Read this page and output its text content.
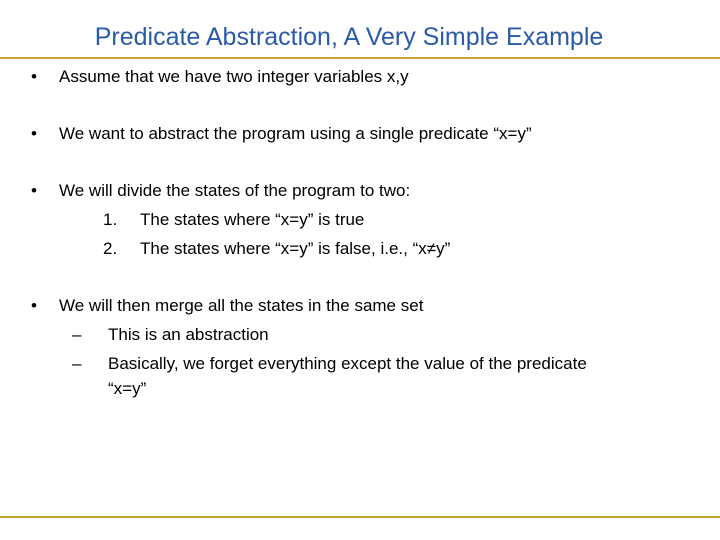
Predicate Abstraction, A Very Simple Example
• Assume that we have two integer variables x,y
• We want to abstract the program using a single predicate “x=y”
• We will divide the states of the program to two:
1. The states where “x=y” is true
2. The states where “x=y” is false, i.e., “x≠y”
• We will then merge all the states in the same set
– This is an abstraction
– Basically, we forget everything except the value of the predicate
“x=y”
